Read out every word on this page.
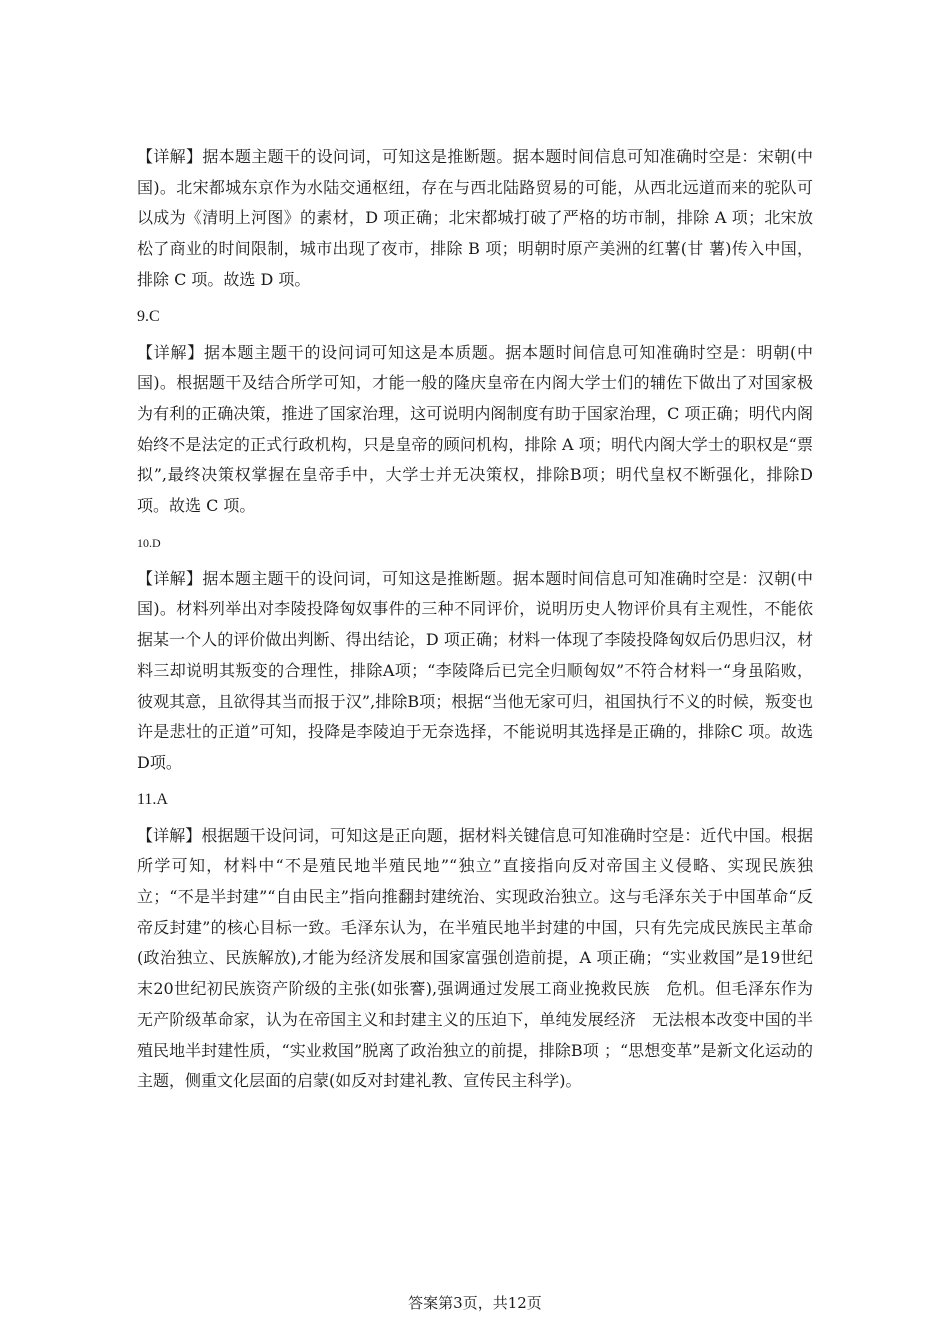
【详解】据本题主题干的设问词，可知这是推断题。据本题时间信息可知准确时空是：宋朝(中国)。北宋都城东京作为水陆交通枢纽，存在与西北陆路贸易的可能，从西北远道而来的驼队可以成为《清明上河图》的素材，D 项正确；北宋都城打破了严格的坊市制，排除 A 项；北宋放松了商业的时间限制，城市出现了夜市，排除 B 项；明朝时原产美洲的红薯(甘 薯)传入中国，排除 C 项。故选 D 项。

9.C

【详解】据本题主题干的设问词可知这是本质题。据本题时间信息可知准确时空是：明朝(中国)。根据题干及结合所学可知，才能一般的隆庆皇帝在内阁大学士们的辅佐下做出了对国家极为有利的正确决策，推进了国家治理，这可说明内阁制度有助于国家治理，C 项正确；明代内阁始终不是法定的正式行政机构，只是皇帝的顾问机构，排除 A 项；明代内阁大学士的职权是“票拟”,最终决策权掌握在皇帝手中，大学士并无决策权，排除B项；明代皇权不断强化，排除D 项。故选 C 项。

10.D

【详解】据本题主题干的设问词，可知这是推断题。据本题时间信息可知准确时空是：汉朝(中国)。材料列举出对李陵投降匈奴事件的三种不同评价，说明历史人物评价具有主观性，不能依据某一个人的评价做出判断、得出结论，D 项正确；材料一体现了李陵投降匈奴后仍思归汉，材料三却说明其叛变的合理性，排除A项；“李陵降后已完全归顺匈奴”不符合材料一“身虽陷败，彼观其意，且欲得其当而报于汉”,排除B项；根据“当他无家可归，祖国执行不义的时候，叛变也许是悲壮的正道”可知，投降是李陵迫于无奈选择，不能说明其选择是正确的，排除C 项。故选D项。

11.A

【详解】根据题干设问词，可知这是正向题，据材料关键信息可知准确时空是：近代中国。根据所学可知，材料中“不是殖民地半殖民地”“独立”直接指向反对帝国主义侵略、实现民族独立；“不是半封建”“自由民主”指向推翻封建统治、实现政治独立。这与毛泽东关于中国革命“反帝反封建”的核心目标一致。毛泽东认为，在半殖民地半封建的中国，只有先完成民族民主革命(政治独立、民族解放),才能为经济发展和国家富强创造前提，A 项正确；“实业救国”是19世纪末20世纪初民族资产阶级的主张(如张謇),强调通过发展工商业挽救民族　危机。但毛泽东作为无产阶级革命家，认为在帝国主义和封建主义的压迫下，单纯发展经济　无法根本改变中国的半殖民地半封建性质，“实业救国”脱离了政治独立的前提，排除B项 ；“思想变革”是新文化运动的主题，侧重文化层面的启蒙(如反对封建礼教、宣传民主科学)。

答案第3页，共12页
